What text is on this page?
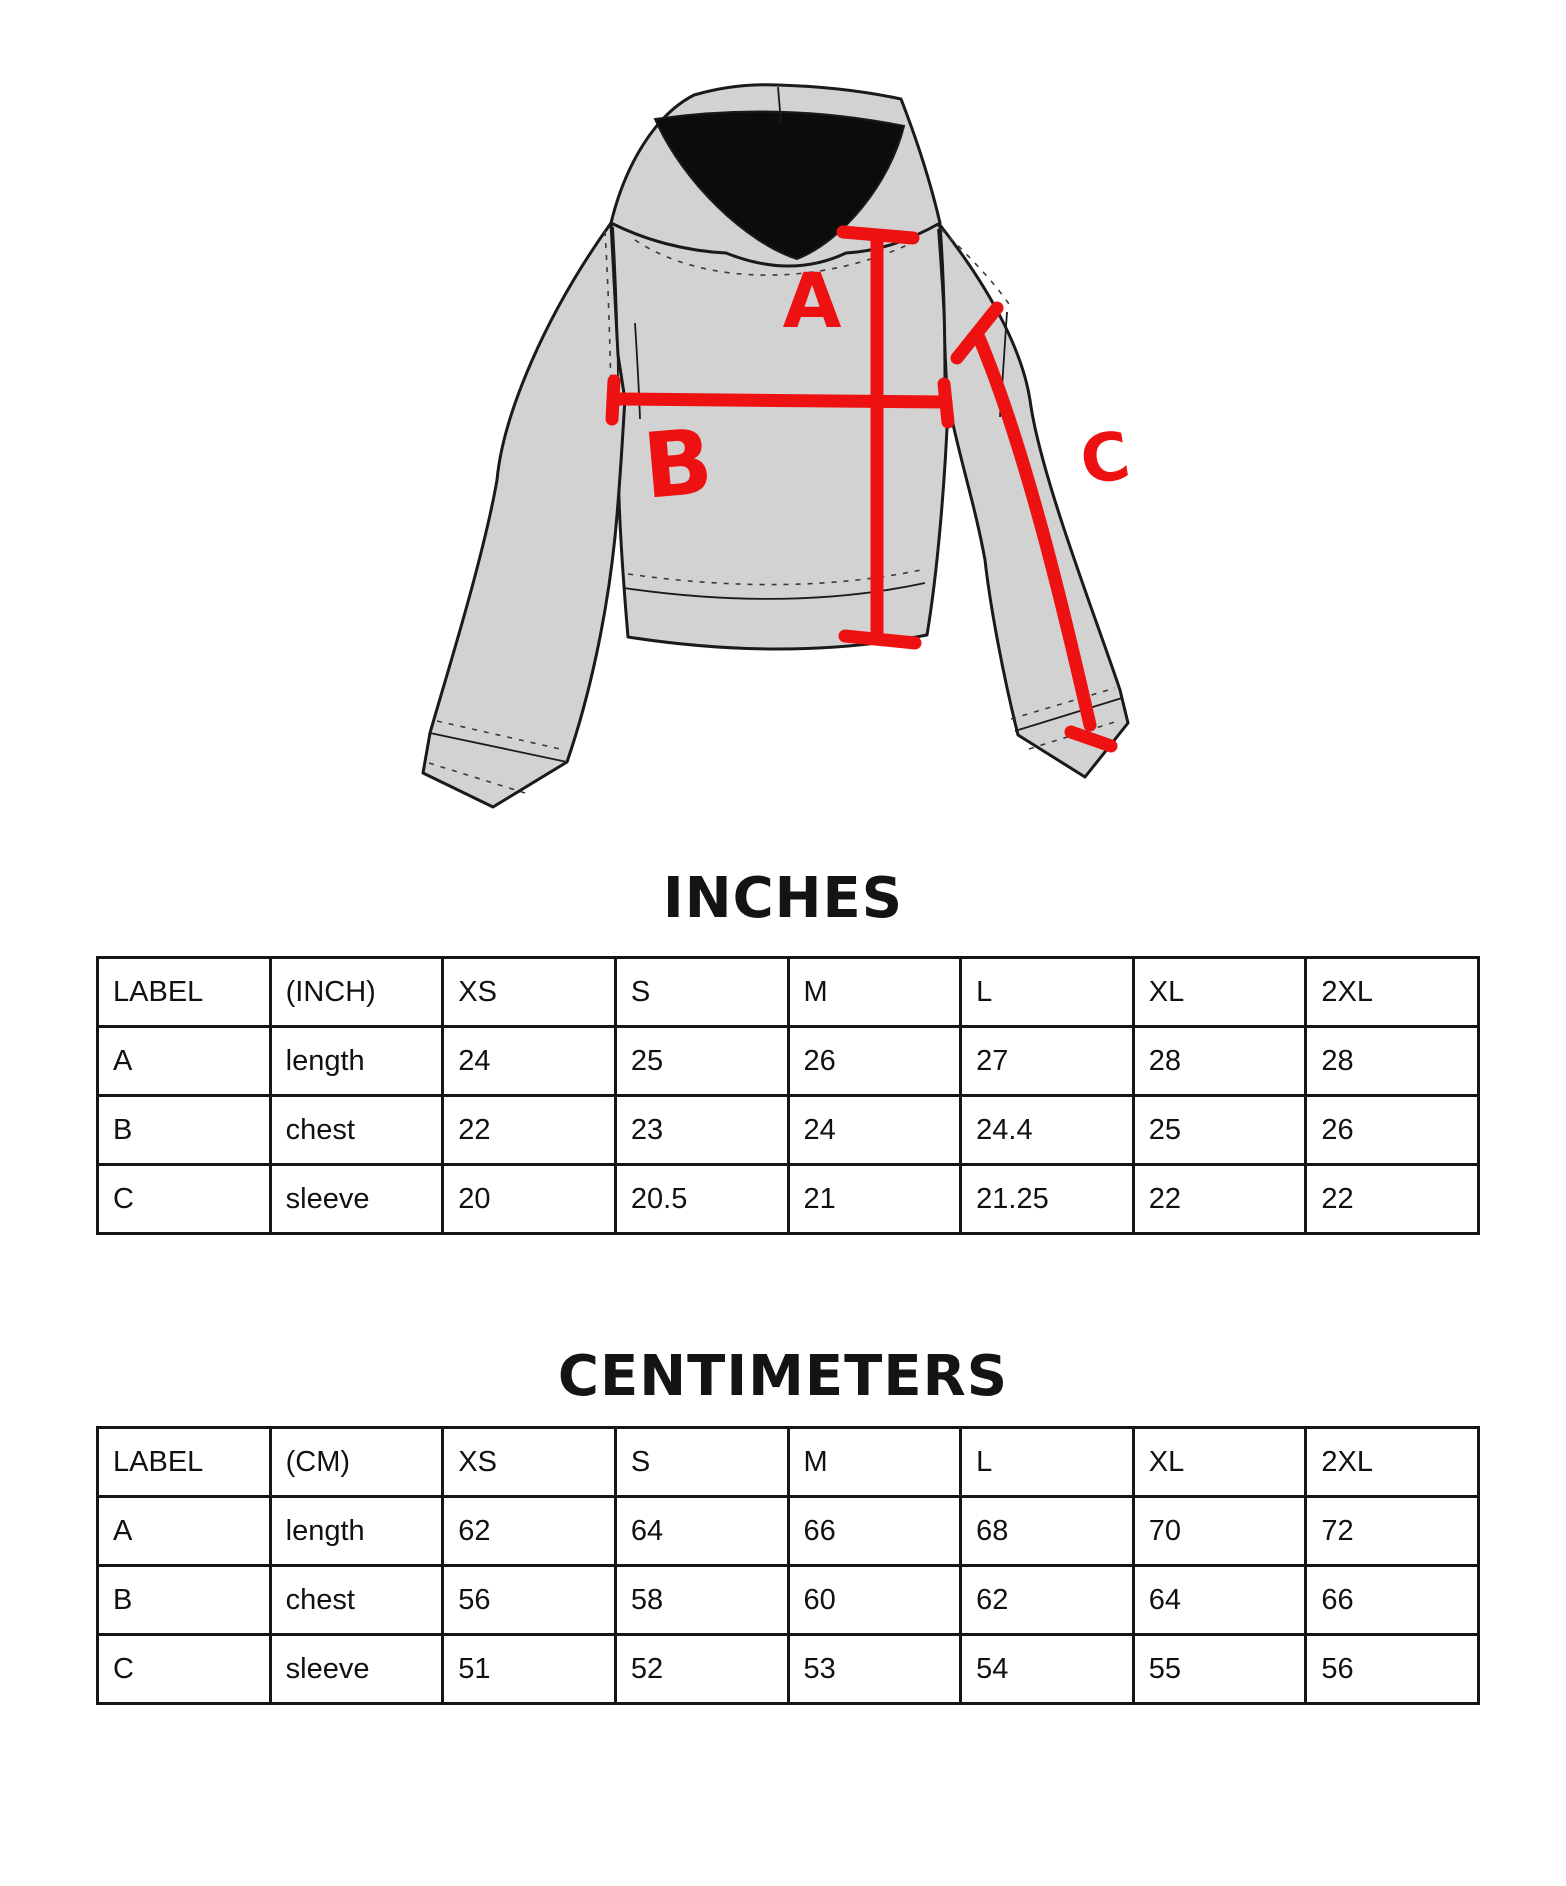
A
B	C
INCHES
LABEL	(INCH)	XS	S	M	L	XL	2XL
A	length	24	25	26	27	28	28
B	chest	22	23	24	24.4	25	26
C	sleeve	20	20.5	21	21.25	22	22
CENTIMETERS
LABEL	(CM)	XS	S	M	L	XL	2XL
A	length	62	64	66	68	70	72
B	chest	56	58	60	62	64	66
C	sleeve	51	52	53	54	55	56
